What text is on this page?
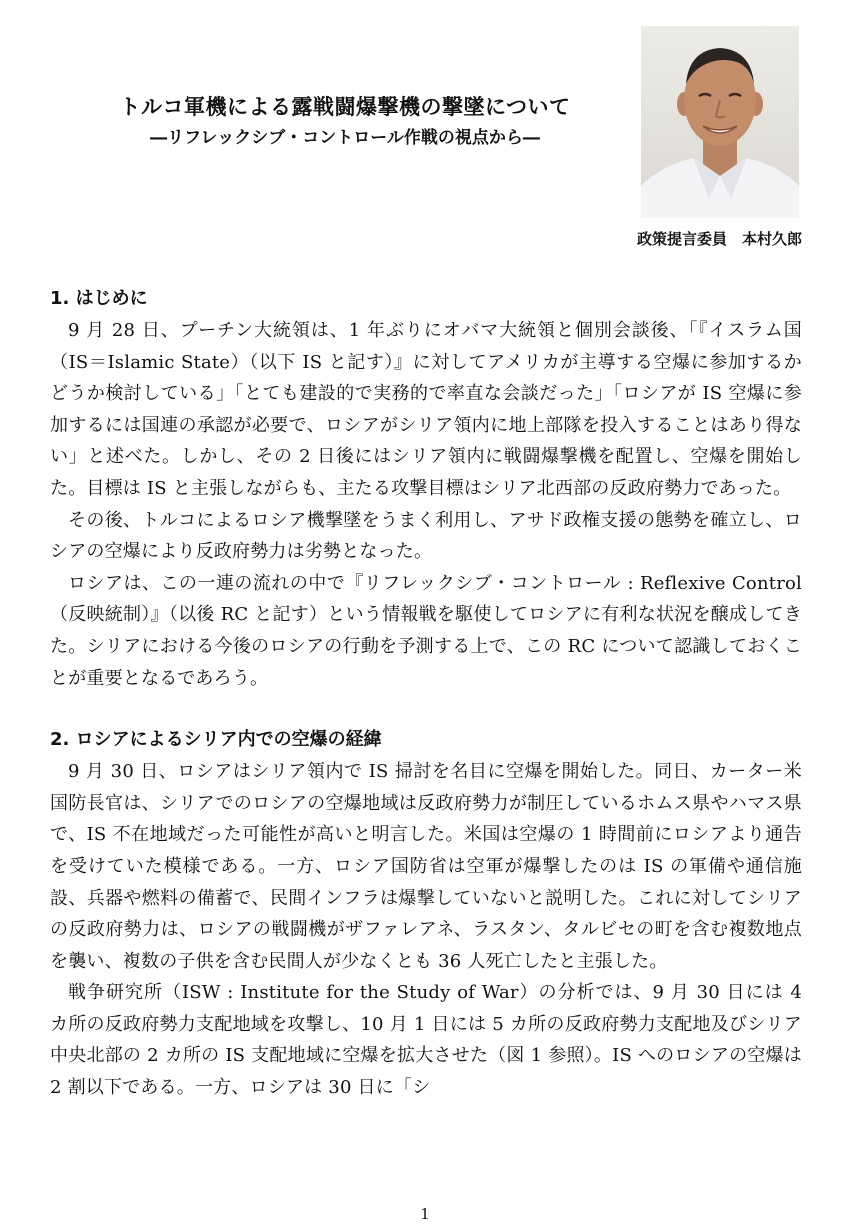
トルコ軍機による露戦闘爆撃機の撃墜について

―リフレックシブ・コントロール作戦の視点から―

政策提言委員　本村久郎
1. はじめに

9 月 28 日、プーチン大統領は、1 年ぶりにオバマ大統領と個別会談後、「『イスラム国（IS＝Islamic State）（以下 IS と記す）』に対してアメリカが主導する空爆に参加するかどうか検討している」「とても建設的で実務的で率直な会談だった」「ロシアが IS 空爆に参加するには国連の承認が必要で、ロシアがシリア領内に地上部隊を投入することはあり得ない」と述べた。しかし、その 2 日後にはシリア領内に戦闘爆撃機を配置し、空爆を開始した。目標は IS と主張しながらも、主たる攻撃目標はシリア北西部の反政府勢力であった。

その後、トルコによるロシア機撃墜をうまく利用し、アサド政権支援の態勢を確立し、ロシアの空爆により反政府勢力は劣勢となった。

ロシアは、この一連の流れの中で『リフレックシブ・コントロール : Reflexive Control（反映統制）』（以後 RC と記す）という情報戦を駆使してロシアに有利な状況を醸成してきた。シリアにおける今後のロシアの行動を予測する上で、この RC について認識しておくことが重要となるであろう。

2. ロシアによるシリア内での空爆の経緯

9 月 30 日、ロシアはシリア領内で IS 掃討を名目に空爆を開始した。同日、カーター米国防長官は、シリアでのロシアの空爆地域は反政府勢力が制圧しているホムス県やハマス県で、IS 不在地域だった可能性が高いと明言した。米国は空爆の 1 時間前にロシアより通告を受けていた模様である。一方、ロシア国防省は空軍が爆撃したのは IS の軍備や通信施設、兵器や燃料の備蓄で、民間インフラは爆撃していないと説明した。これに対してシリアの反政府勢力は、ロシアの戦闘機がザファレアネ、ラスタン、タルビセの町を含む複数地点を襲い、複数の子供を含む民間人が少なくとも 36 人死亡したと主張した。

戦争研究所（ISW : Institute for the Study of War）の分析では、9 月 30 日には 4 カ所の反政府勢力支配地域を攻撃し、10 月 1 日には 5 カ所の反政府勢力支配地及びシリア中央北部の 2 カ所の IS 支配地域に空爆を拡大させた（図 1 参照）。IS へのロシアの空爆は 2 割以下である。一方、ロシアは 30 日に「シ

1
